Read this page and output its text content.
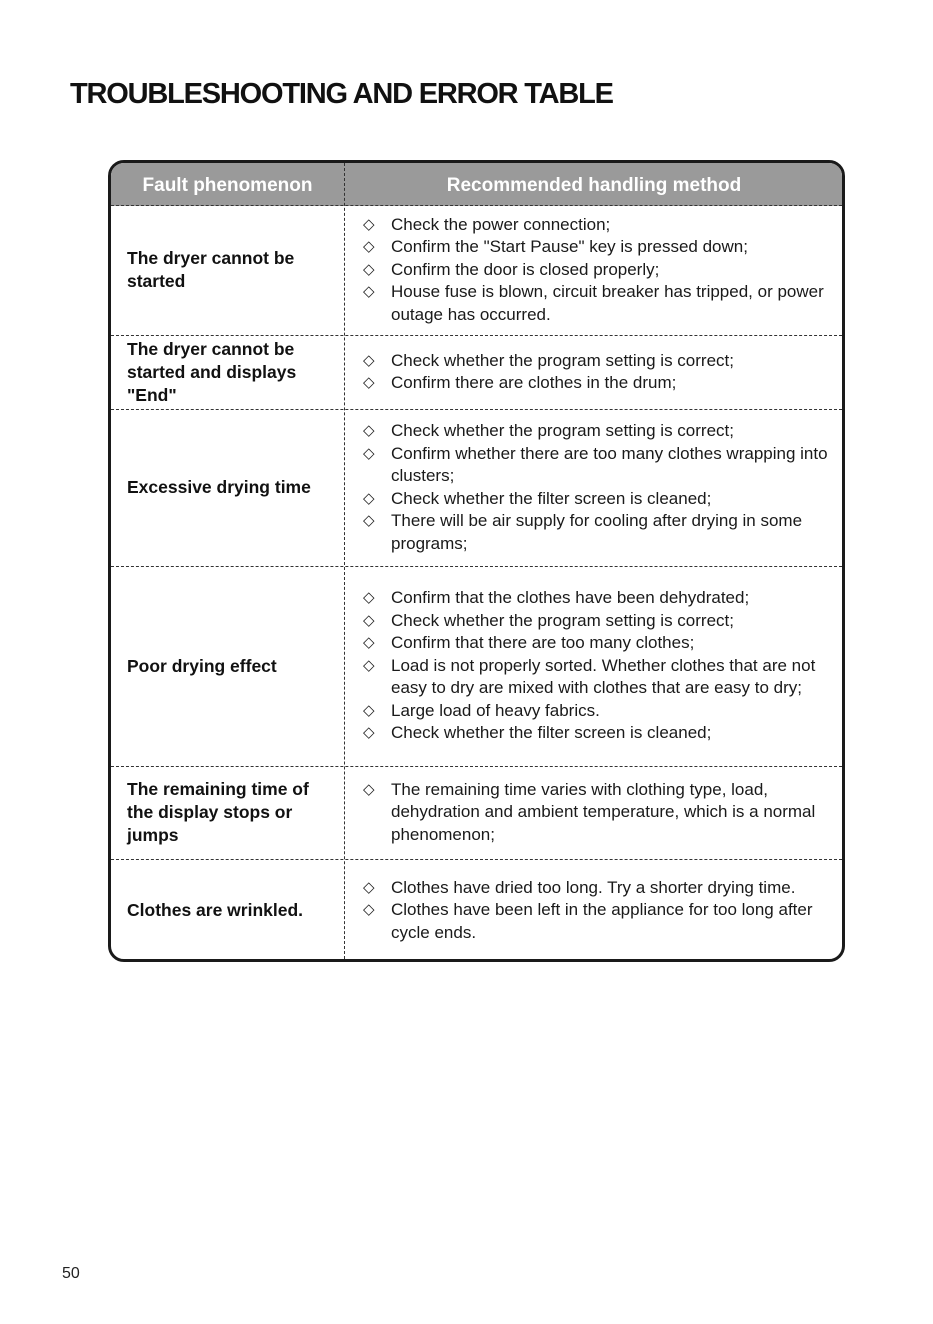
TROUBLESHOOTING AND ERROR TABLE
Fault phenomenon	Recommended handling method
The dryer cannot be started
◇ Check the power connection;
◇ Confirm the "Start Pause" key is pressed down;
◇ Confirm the door is closed properly;
◇ House fuse is blown, circuit breaker has tripped, or power outage has occurred.
The dryer cannot be started and displays "End"
◇ Check whether the program setting is correct;
◇ Confirm there are clothes in the drum;
Excessive drying time
◇ Check whether the program setting is correct;
◇ Confirm whether there are too many clothes wrapping into clusters;
◇ Check whether the filter screen is cleaned;
◇ There will be air supply for cooling after drying in some programs;
Poor drying effect
◇ Confirm that the clothes have been dehydrated;
◇ Check whether the program setting is correct;
◇ Confirm that there are too many clothes;
◇ Load is not properly sorted. Whether clothes that are not easy to dry are mixed with clothes that are easy to dry;
◇ Large load of heavy fabrics.
◇ Check whether the filter screen is cleaned;
The remaining time of the display stops or jumps
◇ The remaining time varies with clothing type, load, dehydration and ambient temperature, which is a normal phenomenon;
Clothes are wrinkled.
◇ Clothes have dried too long. Try a shorter drying time.
◇ Clothes have been left in the appliance for too long after cycle ends.
50
